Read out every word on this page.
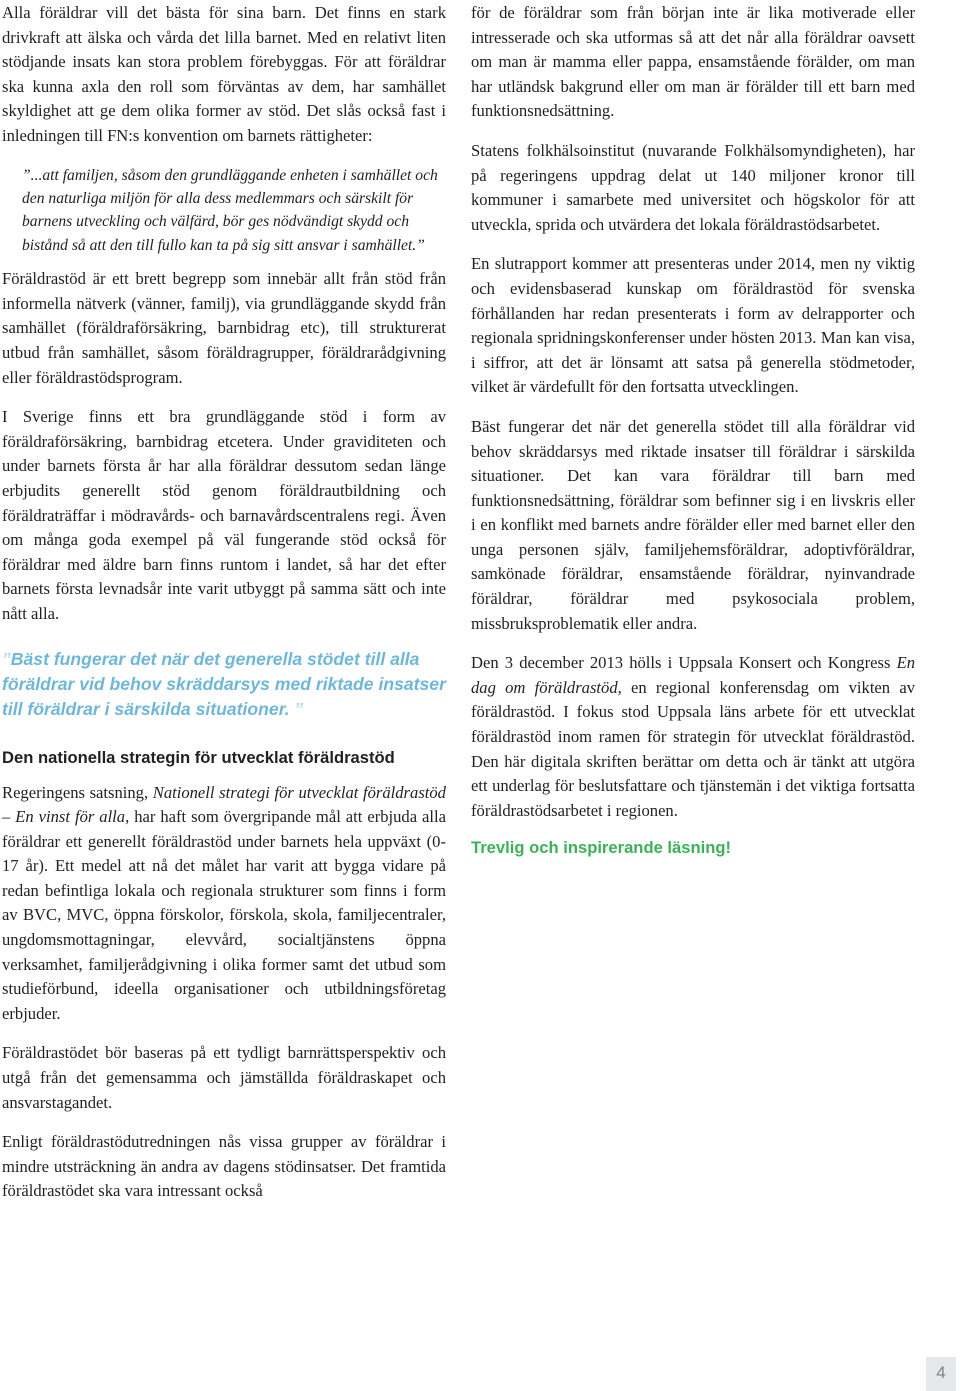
Alla föräldrar vill det bästa för sina barn. Det finns en stark drivkraft att älska och vårda det lilla barnet. Med en relativt liten stödjande insats kan stora problem förebyggas. För att föräldrar ska kunna axla den roll som förväntas av dem, har samhället skyldighet att ge dem olika former av stöd. Det slås också fast i inledningen till FN:s konvention om barnets rättigheter:

”...att familjen, såsom den grundläggande enheten i samhället och den naturliga miljön för alla dess medlemmars och särskilt för barnens utveckling och välfärd, bör ges nödvändigt skydd och bistånd så att den till fullo kan ta på sig sitt ansvar i samhället.”

Föräldrastöd är ett brett begrepp som innebär allt från stöd från informella nätverk (vänner, familj), via grundläggande skydd från samhället (föräldraförsäkring, barnbidrag etc), till strukturerat utbud från samhället, såsom föräldragrupper, föräldrarådgivning eller föräldrastödsprogram.

I Sverige finns ett bra grundläggande stöd i form av föräldraförsäkring, barnbidrag etcetera. Under graviditeten och under barnets första år har alla föräldrar dessutom sedan länge erbjudits generellt stöd genom föräldrautbildning och föräldraträffar i mödravårds- och barnavårdscentralens regi. Även om många goda exempel på väl fungerande stöd också för föräldrar med äldre barn finns runtom i landet, så har det efter barnets första levnadsår inte varit utbyggt på samma sätt och inte nått alla.

”Bäst fungerar det när det generella stödet till alla föräldrar vid behov skräddarsys med riktade insatser till föräldrar i särskilda situationer. ”
Den nationella strategin för utvecklat föräldrastöd

Regeringens satsning, Nationell strategi för utvecklat föräldrastöd – En vinst för alla, har haft som övergripande mål att erbjuda alla föräldrar ett generellt föräldrastöd under barnets hela uppväxt (0-17 år). Ett medel att nå det målet har varit att bygga vidare på redan befintliga lokala och regionala strukturer som finns i form av BVC, MVC, öppna förskolor, förskola, skola, familjecentraler, ungdomsmottagningar, elevvård, socialtjänstens öppna verksamhet, familjerådgivning i olika former samt det utbud som studieförbund, ideella organisationer och utbildningsföretag erbjuder.

Föräldrastödet bör baseras på ett tydligt barnrättsperspektiv och utgå från det gemensamma och jämställda föräldraskapet och ansvarstagandet.

Enligt föräldrastödutredningen nås vissa grupper av föräldrar i mindre utsträckning än andra av dagens stödinsatser. Det framtida föräldrastödet ska vara intressant också

för de föräldrar som från början inte är lika motiverade eller intresserade och ska utformas så att det når alla föräldrar oavsett om man är mamma eller pappa, ensamstående förälder, om man har utländsk bakgrund eller om man är förälder till ett barn med funktionsnedsättning.

Statens folkhälsoinstitut (nuvarande Folkhälsomyndigheten), har på regeringens uppdrag delat ut 140 miljoner kronor till kommuner i samarbete med universitet och högskolor för att utveckla, sprida och utvärdera det lokala föräldrastödsarbetet.

En slutrapport kommer att presenteras under 2014, men ny viktig och evidensbaserad kunskap om föräldrastöd för svenska förhållanden har redan presenterats i form av delrapporter och regionala spridningskonferenser under hösten 2013. Man kan visa, i siffror, att det är lönsamt att satsa på generella stödmetoder, vilket är värdefullt för den fortsatta utvecklingen.

Bäst fungerar det när det generella stödet till alla föräldrar vid behov skräddarsys med riktade insatser till föräldrar i särskilda situationer. Det kan vara föräldrar till barn med funktionsnedsättning, föräldrar som befinner sig i en livskris eller i en konflikt med barnets andre förälder eller med barnet eller den unga personen själv, familjehemsföräldrar, adoptivföräldrar, samkönade föräldrar, ensamstående föräldrar, nyinvandrade föräldrar, föräldrar med psykosociala problem, missbruksproblematik eller andra.

Den 3 december 2013 hölls i Uppsala Konsert och Kongress En dag om föräldrastöd, en regional konferensdag om vikten av föräldrastöd. I fokus stod Uppsala läns arbete för ett utvecklat föräldrastöd inom ramen för strategin för utvecklat föräldrastöd. Den här digitala skriften berättar om detta och är tänkt att utgöra ett underlag för beslutsfattare och tjänstemän i det viktiga fortsatta föräldrastödsarbetet i regionen.

Trevlig och inspirerande läsning!
4
